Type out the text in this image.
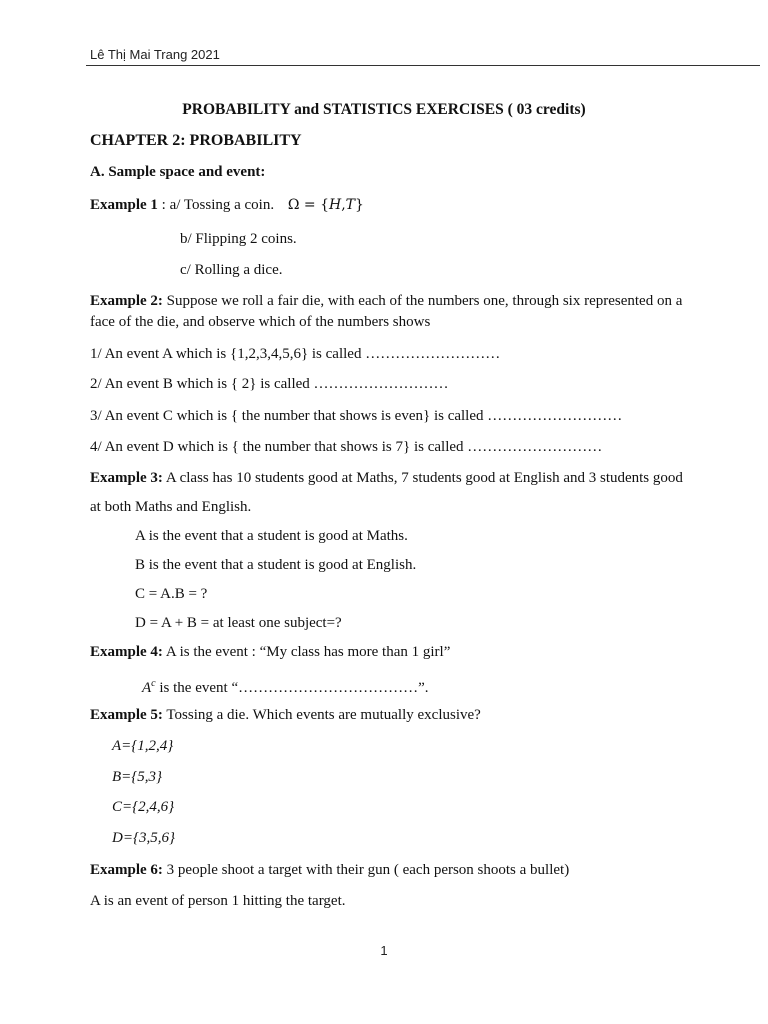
Lê Thị Mai Trang 2021
PROBABILITY and STATISTICS EXERCISES ( 03 credits)
CHAPTER 2: PROBABILITY
A. Sample space and event:
Example 1 : a/ Tossing a coin. Ω = {H,T}
b/ Flipping 2 coins.
c/ Rolling a dice.
Example 2: Suppose we roll a fair die, with each of the numbers one, through six represented on a
face of the die, and observe which of the numbers shows
1/ An event A which is {1,2,3,4,5,6} is called ………………………
2/ An event B which is { 2} is called ………………………
3/ An event C which is { the number that shows is even} is called ………………………
4/ An event D which is { the number that shows is 7} is called ………………………
Example 3: A class has 10 students good at Maths, 7 students good at English and 3 students good
at both Maths and English.
A is the event that a student is good at Maths.
B is the event that a student is good at English.
C = A.B = ?
D = A + B = at least one subject=?
Example 4: A is the event : “My class has more than 1 girl”
$A^c$ is the event “………………………………”.
Example 5: Tossing a die. Which events are mutually exclusive?
A={1,2,4}
B={5,3}
C={2,4,6}
D={3,5,6}
Example 6: 3 people shoot a target with their gun ( each person shoots a bullet)
A is an event of person 1 hitting the target.
1
